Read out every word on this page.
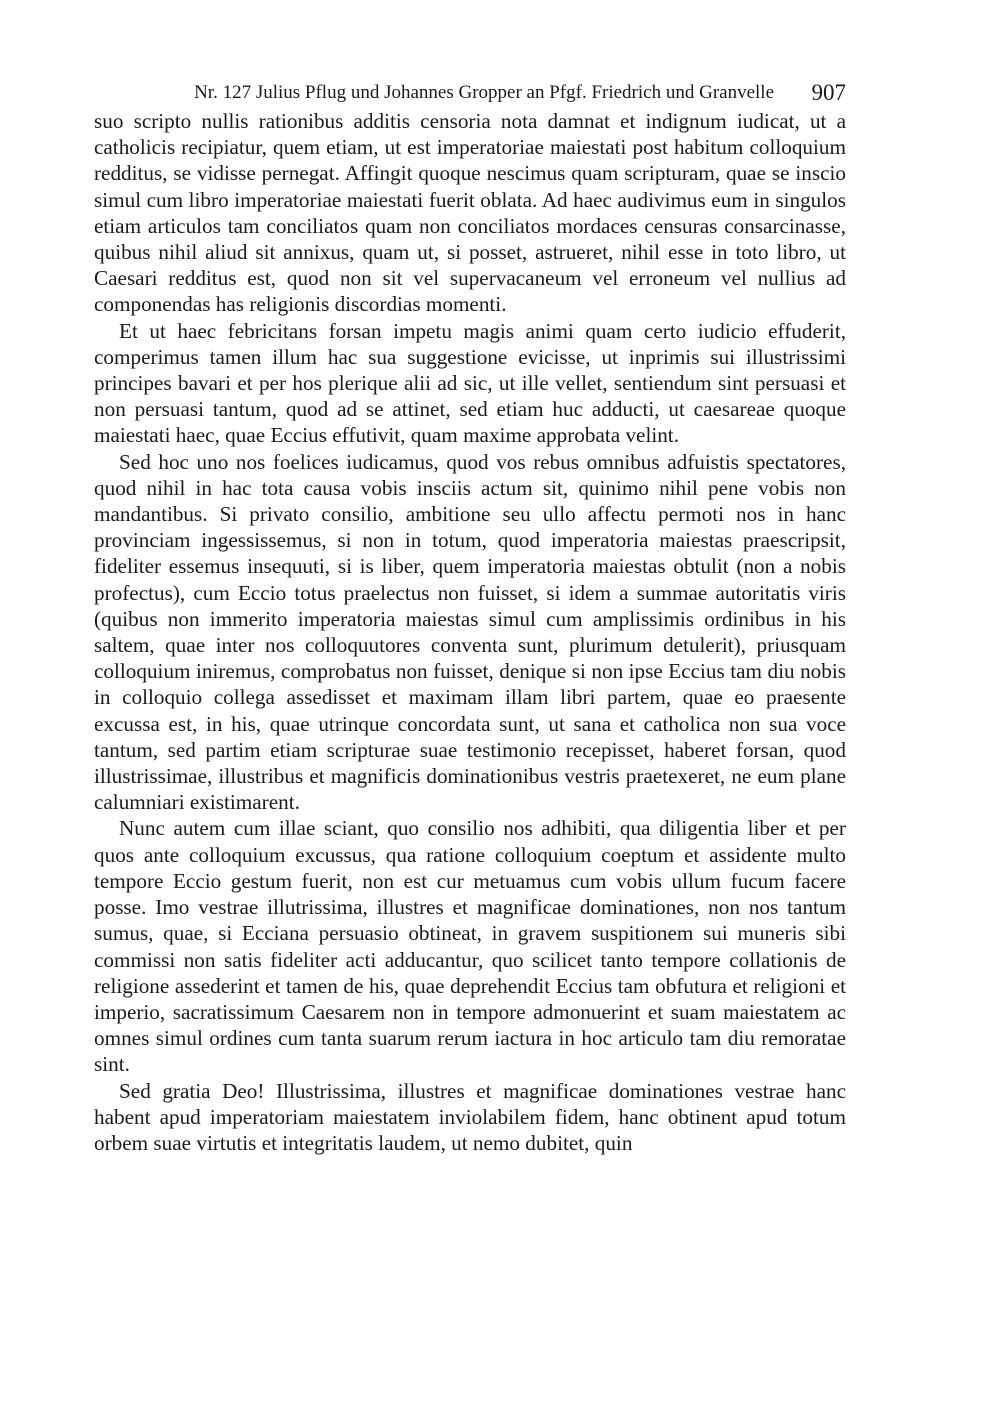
Nr. 127 Julius Pflug und Johannes Gropper an Pfgf. Friedrich und Granvelle 907

suo scripto nullis rationibus additis censoria nota damnat et indignum iudicat, ut a catholicis recipiatur, quem etiam, ut est imperatoriae maiestati post habitum colloquium redditus, se vidisse pernegat. Affingit quoque nescimus quam scripturam, quae se inscio simul cum libro imperatoriae maiestati fuerit oblata. Ad haec audivimus eum in singulos etiam articulos tam conciliatos quam non conciliatos mordaces censuras consarcinasse, quibus nihil aliud sit annixus, quam ut, si posset, astrueret, nihil esse in toto libro, ut Caesari redditus est, quod non sit vel supervacaneum vel erroneum vel nullius ad componendas has religionis discordias momenti.

Et ut haec febricitans forsan impetu magis animi quam certo iudicio effuderit, comperimus tamen illum hac sua suggestione evicisse, ut inprimis sui illustrissimi principes bavari et per hos plerique alii ad sic, ut ille vellet, sentiendum sint persuasi et non persuasi tantum, quod ad se attinet, sed etiam huc adducti, ut caesareae quoque maiestati haec, quae Eccius effutivit, quam maxime approbata velint.

Sed hoc uno nos foelices iudicamus, quod vos rebus omnibus adfuistis spectatores, quod nihil in hac tota causa vobis insciis actum sit, quinimo nihil pene vobis non mandantibus. Si privato consilio, ambitione seu ullo affectu permoti nos in hanc provinciam ingessissemus, si non in totum, quod imperatoria maiestas praescripsit, fideliter essemus insequuti, si is liber, quem imperatoria maiestas obtulit (non a nobis profectus), cum Eccio totus praelectus non fuisset, si idem a summae autoritatis viris (quibus non immerito imperatoria maiestas simul cum amplissimis ordinibus in his saltem, quae inter nos colloquutores conventa sunt, plurimum detulerit), priusquam colloquium iniremus, comprobatus non fuisset, denique si non ipse Eccius tam diu nobis in colloquio collega assedisset et maximam illam libri partem, quae eo praesente excussa est, in his, quae utrinque concordata sunt, ut sana et catholica non sua voce tantum, sed partim etiam scripturae suae testimonio recepisset, haberet forsan, quod illustrissimae, illustribus et magnificis dominationibus vestris praetexeret, ne eum plane calumniari existimarent.

Nunc autem cum illae sciant, quo consilio nos adhibiti, qua diligentia liber et per quos ante colloquium excussus, qua ratione colloquium coeptum et assidente multo tempore Eccio gestum fuerit, non est cur metuamus cum vobis ullum fucum facere posse. Imo vestrae illutrissima, illustres et magnificae dominationes, non nos tantum sumus, quae, si Ecciana persuasio obtineat, in gravem suspitionem sui muneris sibi commissi non satis fideliter acti adducantur, quo scilicet tanto tempore collationis de religione assederint et tamen de his, quae deprehendit Eccius tam obfutura et religioni et imperio, sacratissimum Caesarem non in tempore admonuerint et suam maiestatem ac omnes simul ordines cum tanta suarum rerum iactura in hoc articulo tam diu remoratae sint.

Sed gratia Deo! Illustrissima, illustres et magnificae dominationes vestrae hanc habent apud imperatoriam maiestatem inviolabilem fidem, hanc obtinent apud totum orbem suae virtutis et integritatis laudem, ut nemo dubitet, quin
